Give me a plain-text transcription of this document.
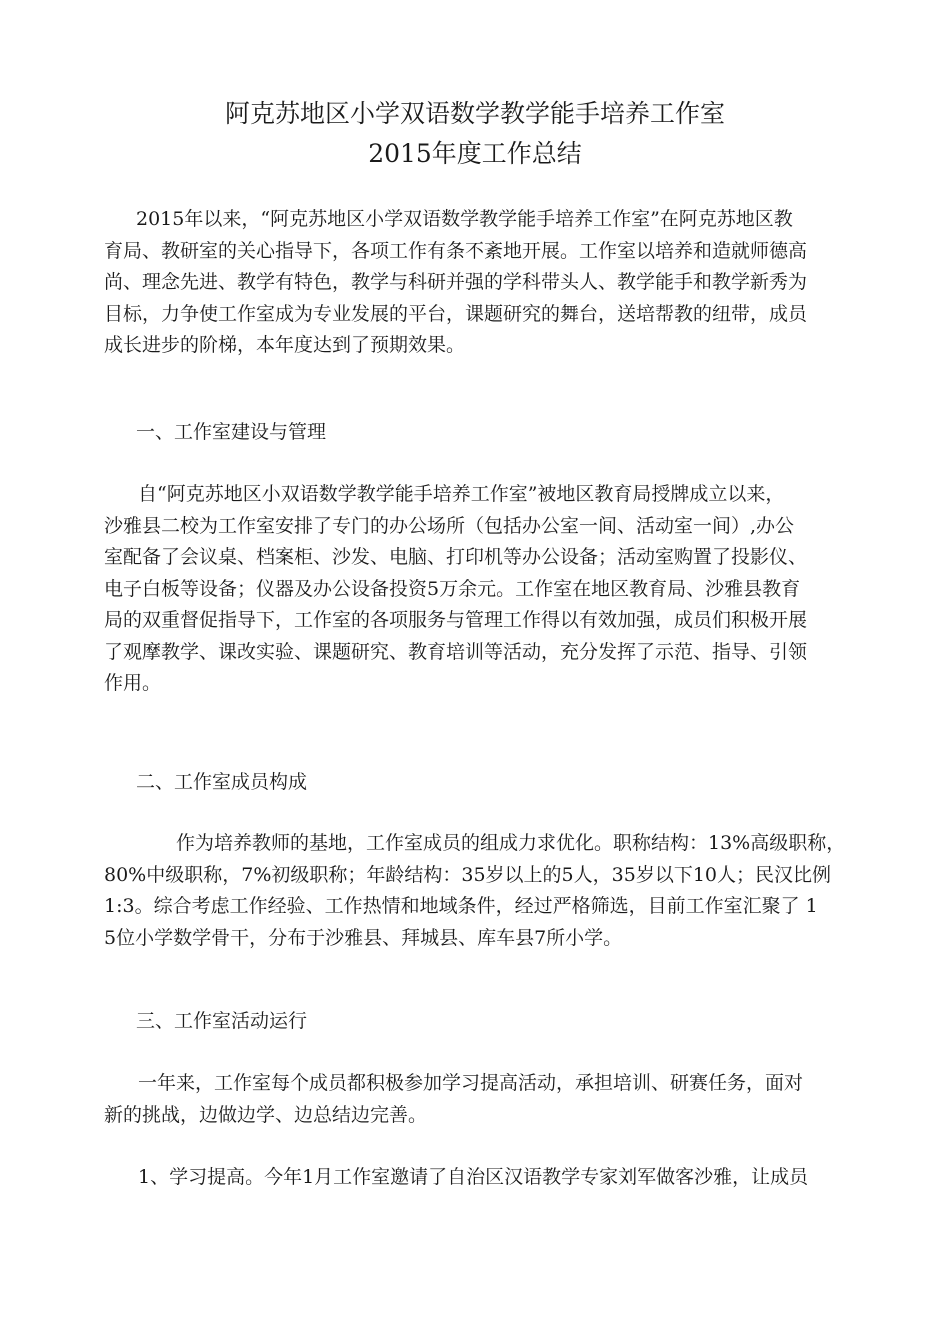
阿克苏地区小学双语数学教学能手培养工作室
2015年度工作总结
2015年以来，“阿克苏地区小学双语数学教学能手培养工作室”在阿克苏地区教
育局、教研室的关心指导下，各项工作有条不紊地开展。工作室以培养和造就师德高
尚、理念先进、教学有特色，教学与科研并强的学科带头人、教学能手和教学新秀为
目标，力争使工作室成为专业发展的平台，课题研究的舞台，送培帮教的纽带，成员
成长进步的阶梯，本年度达到了预期效果。
一、工作室建设与管理
自“阿克苏地区小双语数学教学能手培养工作室”被地区教育局授牌成立以来，
沙雅县二校为工作室安排了专门的办公场所（包括办公室一间、活动室一间）,办公
室配备了会议桌、档案柜、沙发、电脑、打印机等办公设备；活动室购置了投影仪、
电子白板等设备；仪器及办公设备投资5万余元。工作室在地区教育局、沙雅县教育
局的双重督促指导下，工作室的各项服务与管理工作得以有效加强，成员们积极开展
了观摩教学、课改实验、课题研究、教育培训等活动，充分发挥了示范、指导、引领
作用。
二、工作室成员构成
作为培养教师的基地，工作室成员的组成力求优化。职称结构：13%高级职称，
80%中级职称，7%初级职称；年龄结构：35岁以上的5人，35岁以下10人；民汉比例
1:3。综合考虑工作经验、工作热情和地域条件，经过严格筛选，目前工作室汇聚了 1
5位小学数学骨干，分布于沙雅县、拜城县、库车县7所小学。
三、工作室活动运行
一年来，工作室每个成员都积极参加学习提高活动，承担培训、研赛任务，面对
新的挑战，边做边学、边总结边完善。
1、学习提高。今年1月工作室邀请了自治区汉语教学专家刘军做客沙雅，让成员
